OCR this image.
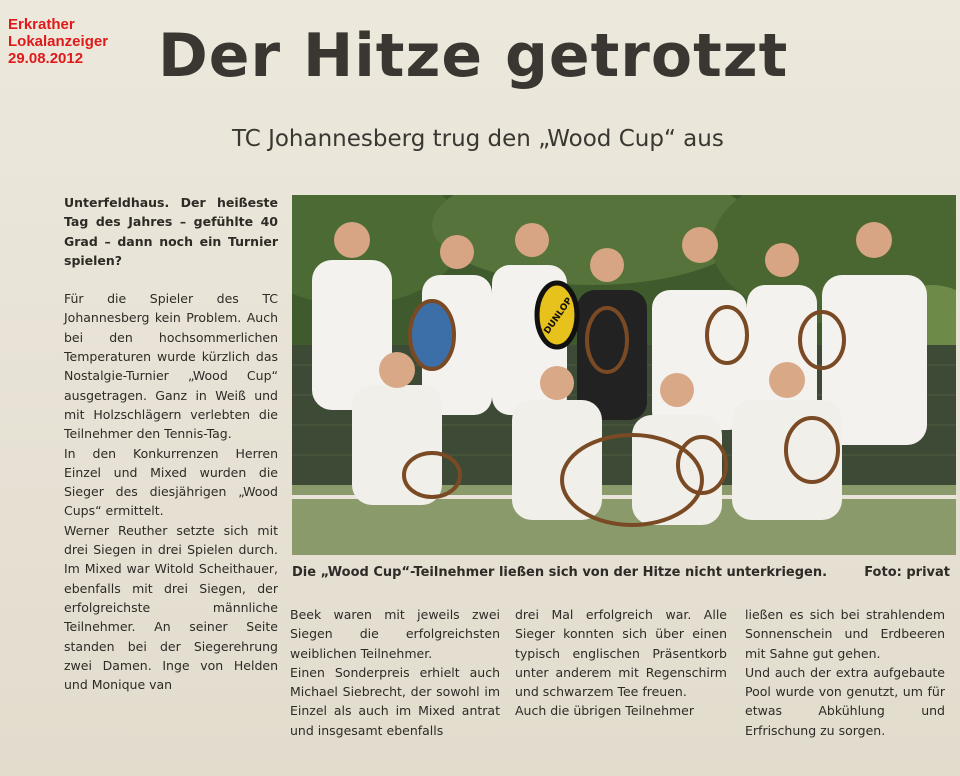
Erkrather
Lokalanzeiger
29.08.2012	Der Hitze getrotzt
TC Johannesberg trug den „Wood Cup“ aus

Unterfeldhaus. Der heißeste Tag des Jahres – gefühlte 40 Grad – dann noch ein Turnier spielen?

Für die Spieler des TC Johannesberg kein Problem. Auch bei den hochsommerlichen Temperaturen wurde kürzlich das Nostalgie-Turnier „Wood Cup“ ausgetragen. Ganz in Weiß und mit Holzschlägern verlebten die Teilnehmer den Tennis-Tag.

In den Konkurrenzen Herren Einzel und Mixed wurden die Sieger des diesjährigen „Wood Cups“ ermittelt.

Werner Reuther setzte sich mit drei Siegen in drei Spielen durch. Im Mixed war Witold Scheithauer, ebenfalls mit drei Siegen, der erfolgreichste männliche Teilnehmer. An seiner Seite standen bei der Siegerehrung zwei Damen. Inge von Helden und Monique van

DUNLOP
Die „Wood Cup“-Teilnehmer ließen sich von der Hitze nicht unterkriegen.	Foto: privat

Beek waren mit jeweils zwei Siegen die erfolgreichsten weiblichen Teilnehmer.

Einen Sonderpreis erhielt auch Michael Siebrecht, der sowohl im Einzel als auch im Mixed antrat und insgesamt ebenfalls

drei Mal erfolgreich war. Alle Sieger konnten sich über einen typisch englischen Präsentkorb unter anderem mit Regenschirm und schwarzem Tee freuen.

Auch die übrigen Teilnehmer

ließen es sich bei strahlendem Sonnenschein und Erdbeeren mit Sahne gut gehen.

Und auch der extra aufgebaute Pool wurde von genutzt, um für etwas Abkühlung und Erfrischung zu sorgen.
